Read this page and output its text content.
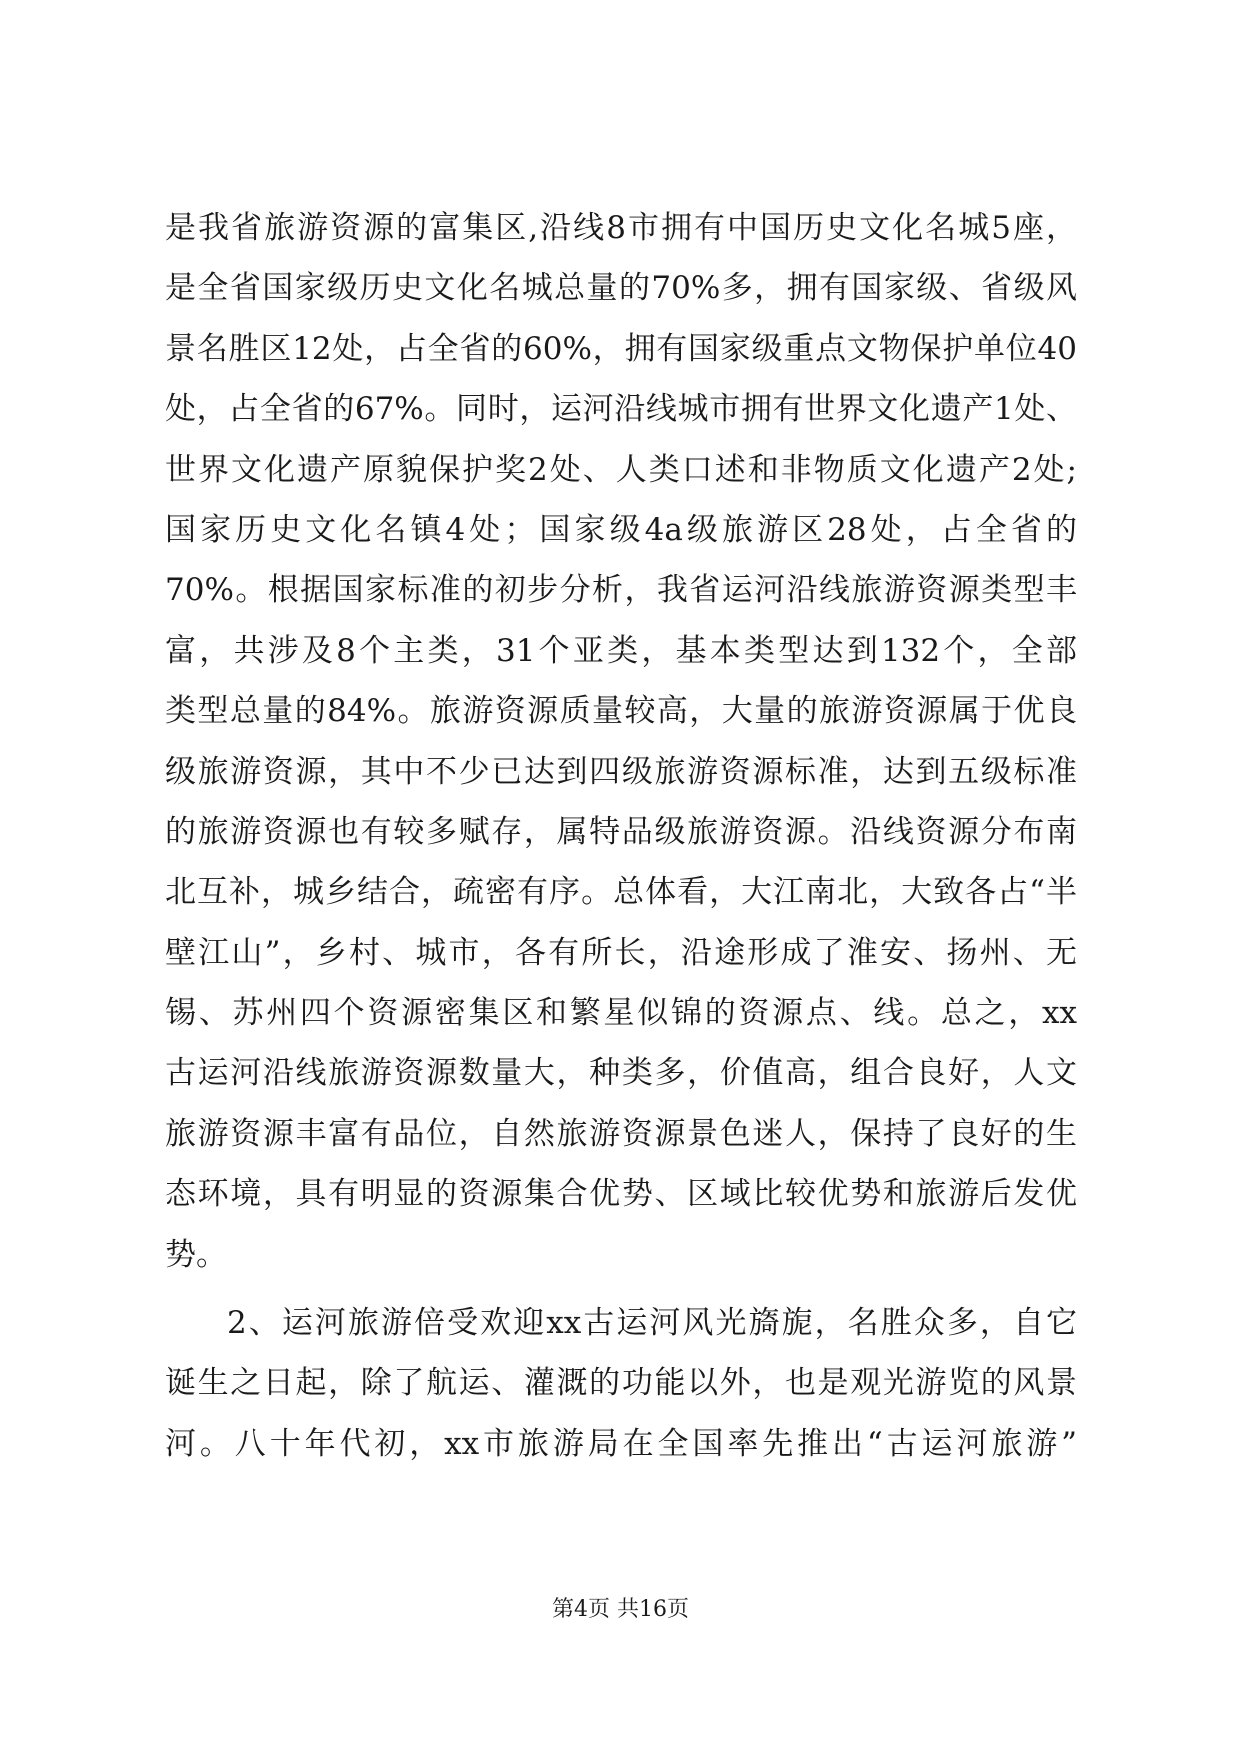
是我省旅游资源的富集区,沿线8市拥有中国历史文化名城5座，
是全省国家级历史文化名城总量的70%多，拥有国家级、省级风
景名胜区12处，占全省的60%，拥有国家级重点文物保护单位40
处，占全省的67%。同时，运河沿线城市拥有世界文化遗产1处、
世界文化遗产原貌保护奖2处、人类口述和非物质文化遗产2处;
国家历史文化名镇4处；国家级4a级旅游区28处，占全省的
70%。根据国家标准的初步分析，我省运河沿线旅游资源类型丰
富，共涉及8个主类，31个亚类，基本类型达到132个，全部
类型总量的84%。旅游资源质量较高，大量的旅游资源属于优良
级旅游资源，其中不少已达到四级旅游资源标准，达到五级标准
的旅游资源也有较多赋存，属特品级旅游资源。沿线资源分布南
北互补，城乡结合，疏密有序。总体看，大江南北，大致各占“半
壁江山”，乡村、城市，各有所长，沿途形成了淮安、扬州、无
锡、苏州四个资源密集区和繁星似锦的资源点、线。总之，xx
古运河沿线旅游资源数量大，种类多，价值高，组合良好，人文
旅游资源丰富有品位，自然旅游资源景色迷人，保持了良好的生
态环境，具有明显的资源集合优势、区域比较优势和旅游后发优
势。
2、运河旅游倍受欢迎xx古运河风光旖旎，名胜众多，自它
诞生之日起，除了航运、灌溉的功能以外，也是观光游览的风景
河。八十年代初，xx市旅游局在全国率先推出“古运河旅游”
第4页 共16页
